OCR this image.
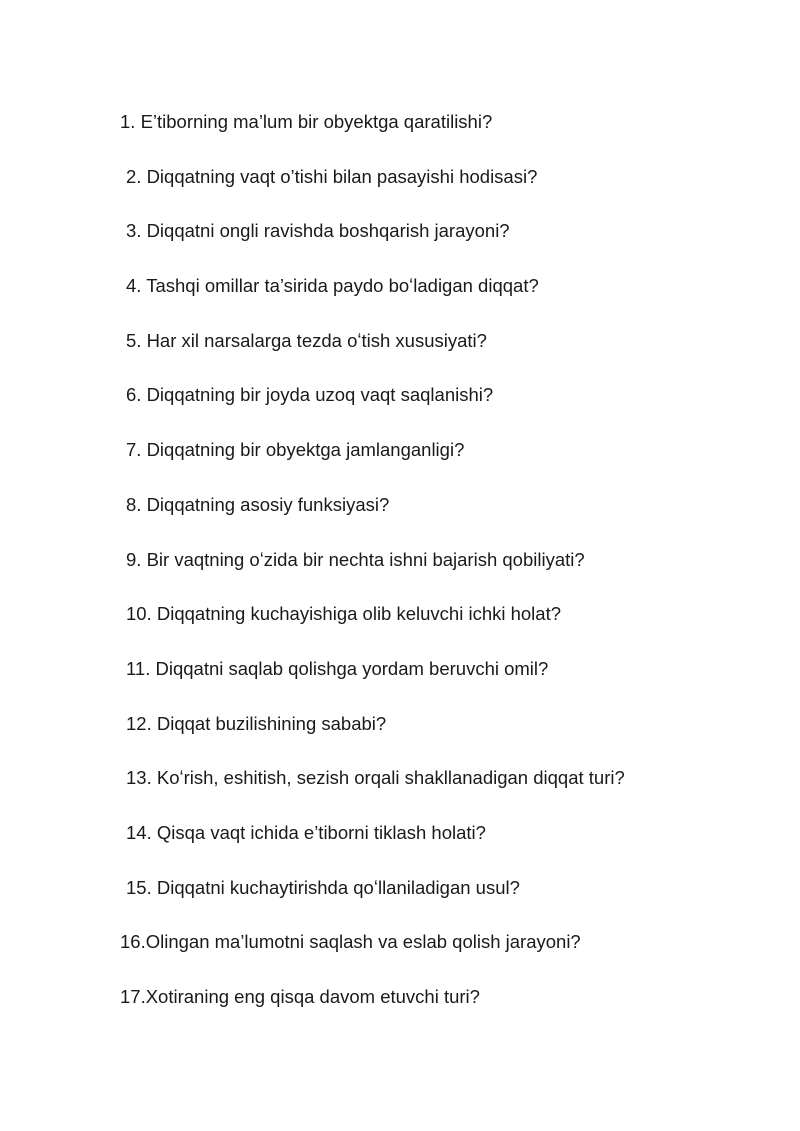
1. E’tiborning ma’lum bir obyektga qaratilishi?
2. Diqqatning vaqt o’tishi bilan pasayishi hodisasi?
3. Diqqatni ongli ravishda boshqarish jarayoni?
4. Tashqi omillar ta’sirida paydo boʻladigan diqqat?
5. Har xil narsalarga tezda oʻtish xususiyati?
6. Diqqatning bir joyda uzoq vaqt saqlanishi?
7. Diqqatning bir obyektga jamlanganligi?
8. Diqqatning asosiy funksiyasi?
9. Bir vaqtning oʻzida bir nechta ishni bajarish qobiliyati?
10. Diqqatning kuchayishiga olib keluvchi ichki holat?
11. Diqqatni saqlab qolishga yordam beruvchi omil?
12. Diqqat buzilishining sababi?
13. Koʻrish, eshitish, sezish orqali shakllanadigan diqqat turi?
14. Qisqa vaqt ichida e’tiborni tiklash holati?
15. Diqqatni kuchaytirishda qoʻllaniladigan usul?
16.Olingan ma’lumotni saqlash va eslab qolish jarayoni?
17.Xotiraning eng qisqa davom etuvchi turi?
